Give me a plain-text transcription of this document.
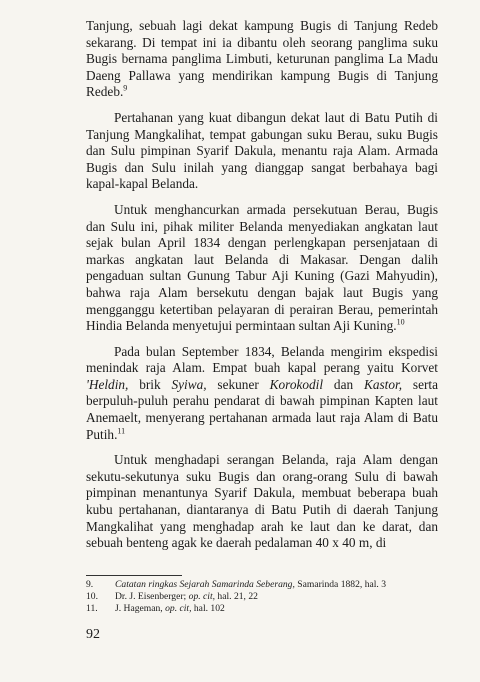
Tanjung, sebuah lagi dekat kampung Bugis di Tanjung Redeb sekarang. Di tempat ini ia dibantu oleh seorang panglima suku Bugis bernama panglima Limbuti, keturunan panglima La Madu Daeng Pallawa yang mendirikan kampung Bugis di Tanjung Redeb.$^9$

Pertahanan yang kuat dibangun dekat laut di Batu Putih di Tanjung Mangkalihat, tempat gabungan suku Berau, suku Bugis dan Sulu pimpinan Syarif Dakula, menantu raja Alam. Armada Bugis dan Sulu inilah yang dianggap sangat berbahaya bagi kapal-kapal Belanda.

Untuk menghancurkan armada persekutuan Berau, Bugis dan Sulu ini, pihak militer Belanda menyediakan angkatan laut sejak bulan April 1834 dengan perlengkapan persenjataan di markas angkatan laut Belanda di Makasar. Dengan dalih pengaduan sultan Gunung Tabur Aji Kuning (Gazi Mahyudin), bahwa raja Alam bersekutu dengan bajak laut Bugis yang mengganggu ketertiban pelayaran di perairan Berau, pemerintah Hindia Belanda menyetujui permintaan sultan Aji Kuning.$^{10}$

Pada bulan September 1834, Belanda mengirim ekspedisi menindak raja Alam. Empat buah kapal perang yaitu Korvet 'Heldin, brik Syiwa, sekuner Korokodil dan Kastor, serta berpuluh-puluh perahu pendarat di bawah pimpinan Kapten laut Anemaelt, menyerang pertahanan armada laut raja Alam di Batu Putih.$^{11}$

Untuk menghadapi serangan Belanda, raja Alam dengan sekutu-sekutunya suku Bugis dan orang-orang Sulu di bawah pimpinan menantunya Syarif Dakula, membuat beberapa buah kubu pertahanan, diantaranya di Batu Putih di daerah Tanjung Mangkalihat yang menghadap arah ke laut dan ke darat, dan sebuah benteng agak ke daerah pedalaman 40 x 40 m, di

9.	Catatan ringkas Sejarah Samarinda Seberang, Samarinda 1882, hal. 3
10.	Dr. J. Eisenberger; op. cit, hal. 21, 22
11.	J. Hageman, op. cit, hal. 102
92
